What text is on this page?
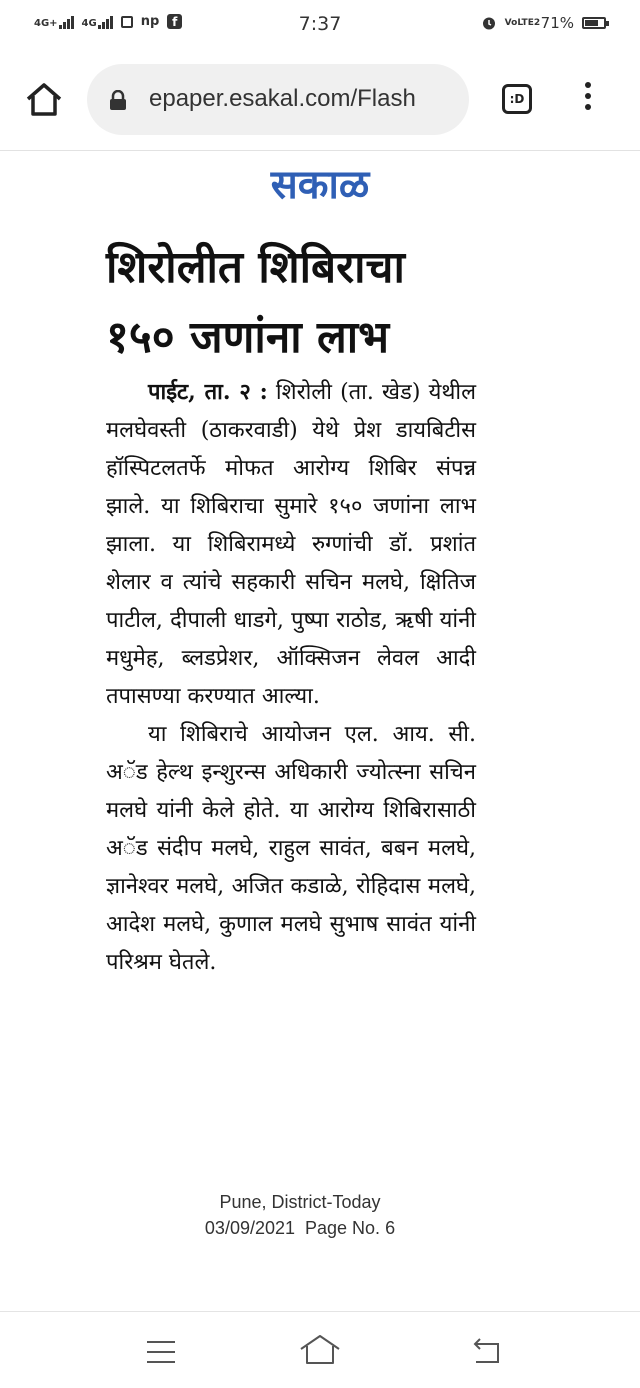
4G+ 4G	np	f	7:37	VoLTE2 71%
epaper.esakal.com/Flash	:D
सकाळ
शिरोलीत शिबिराचा
१५० जणांना लाभ

पाईट, ता. २ : शिरोली (ता. खेड) येथील मलघेवस्ती (ठाकरवाडी) येथे प्रेश डायबिटीस हॉस्पिटलतर्फे मोफत आरोग्य शिबिर संपन्न झाले. या शिबिराचा सुमारे १५० जणांना लाभ झाला. या शिबिरामध्ये रुग्णांची डॉ. प्रशांत शेलार व त्यांचे सहकारी सचिन मलघे, क्षितिज पाटील, दीपाली धाडगे, पुष्पा राठोड, ऋषी यांनी मधुमेह, ब्लडप्रेशर, ऑक्सिजन लेवल आदी तपासण्या करण्यात आल्या.

या शिबिराचे आयोजन एल. आय. सी. अॅड हेल्थ इन्शुरन्स अधिकारी ज्योत्स्ना सचिन मलघे यांनी केले होते. या आरोग्य शिबिरासाठी अॅड संदीप मलघे, राहुल सावंत, बबन मलघे, ज्ञानेश्वर मलघे, अजित कडाळे, रोहिदास मलघे, आदेश मलघे, कुणाल मलघे सुभाष सावंत यांनी परिश्रम घेतले.

Pune, District-Today
03/09/2021  Page No. 6
